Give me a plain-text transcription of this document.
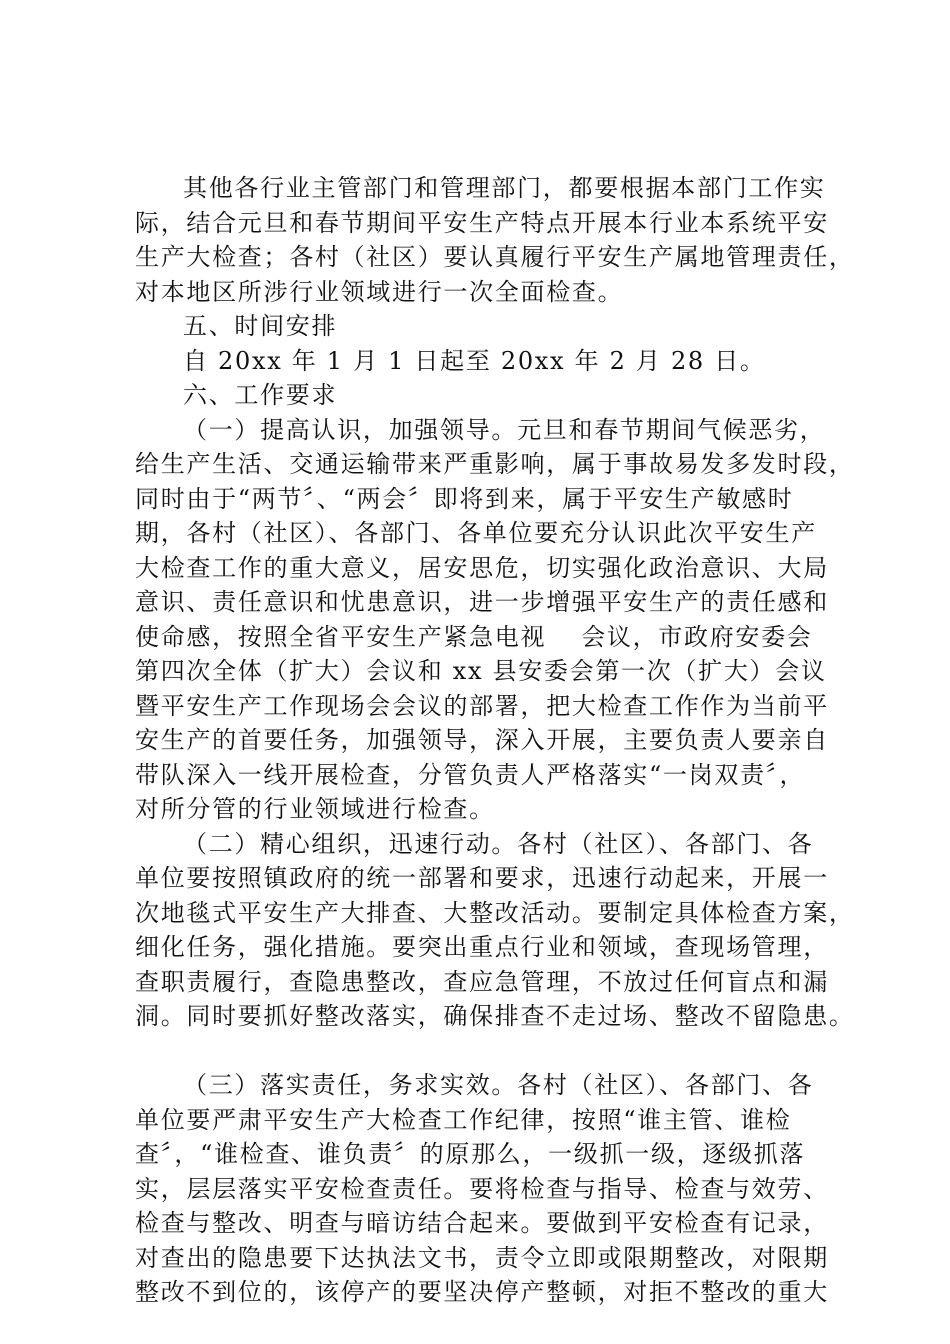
其他各行业主管部门和管理部门，都要根据本部门工作实
际，结合元旦和春节期间平安生产特点开展本行业本系统平安
生产大检查；各村（社区）要认真履行平安生产属地管理责任，
对本地区所涉行业领域进行一次全面检查。
五、时间安排
自 20xx 年 1 月 1 日起至 20xx 年 2 月 28 日。
六、工作要求
（一）提高认识，加强领导。元旦和春节期间气候恶劣，
给生产生活、交通运输带来严重影响，属于事故易发多发时段，
同时由于“两节〞、“两会〞即将到来，属于平安生产敏感时
期，各村（社区）、各部门、各单位要充分认识此次平安生产
大检查工作的重大意义，居安思危，切实强化政治意识、大局
意识、责任意识和忧患意识，进一步增强平安生产的责任感和
使命感，按照全省平安生产紧急电视　 会议，市政府安委会
第四次全体（扩大）会议和 xx 县安委会第一次（扩大）会议
暨平安生产工作现场会会议的部署，把大检查工作作为当前平
安生产的首要任务，加强领导，深入开展，主要负责人要亲自
带队深入一线开展检查，分管负责人严格落实“一岗双责〞，
对所分管的行业领域进行检查。
（二）精心组织，迅速行动。各村（社区）、各部门、各
单位要按照镇政府的统一部署和要求，迅速行动起来，开展一
次地毯式平安生产大排查、大整改活动。要制定具体检查方案，
细化任务，强化措施。要突出重点行业和领域，查现场管理，
查职责履行，查隐患整改，查应急管理，不放过任何盲点和漏
洞。同时要抓好整改落实，确保排查不走过场、整改不留隐患。
（三）落实责任，务求实效。各村（社区）、各部门、各
单位要严肃平安生产大检查工作纪律，按照“谁主管、谁检
查〞，“谁检查、谁负责〞的原那么，一级抓一级，逐级抓落
实，层层落实平安检查责任。要将检查与指导、检查与效劳、
检查与整改、明查与暗访结合起来。要做到平安检查有记录，
对查出的隐患要下达执法文书，责令立即或限期整改，对限期
整改不到位的，该停产的要坚决停产整顿，对拒不整改的重大
